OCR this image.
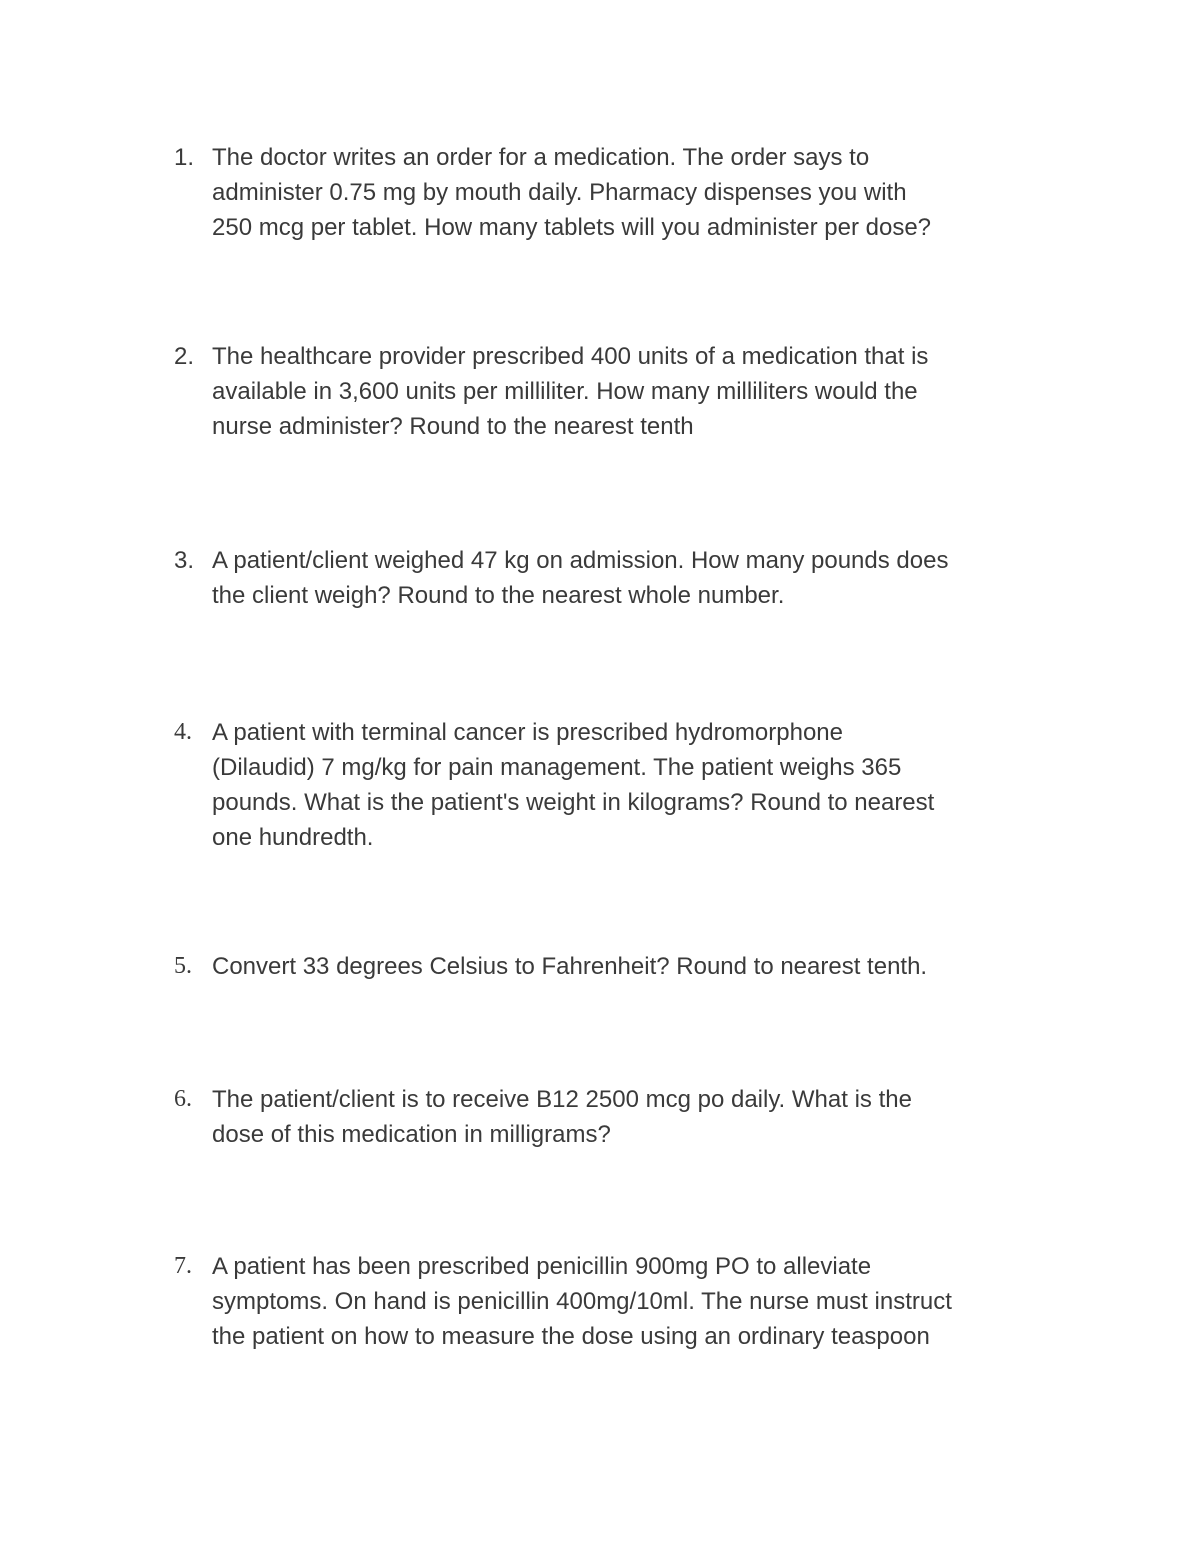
1. The doctor writes an order for a medication. The order says to
administer 0.75 mg by mouth daily. Pharmacy dispenses you with
250 mcg per tablet. How many tablets will you administer per dose?
2. The healthcare provider prescribed 400 units of a medication that is
available in 3,600 units per milliliter. How many milliliters would the
nurse administer? Round to the nearest tenth
3. A patient/client weighed 47 kg on admission. How many pounds does
the client weigh? Round to the nearest whole number.
4. A patient with terminal cancer is prescribed hydromorphone
(Dilaudid) 7 mg/kg for pain management. The patient weighs 365
pounds. What is the patient's weight in kilograms? Round to nearest
one hundredth.
5. Convert 33 degrees Celsius to Fahrenheit? Round to nearest tenth.
6. The patient/client is to receive B12 2500 mcg po daily. What is the
dose of this medication in milligrams?
7. A patient has been prescribed penicillin 900mg PO to alleviate
symptoms. On hand is penicillin 400mg/10ml. The nurse must instruct
the patient on how to measure the dose using an ordinary teaspoon
